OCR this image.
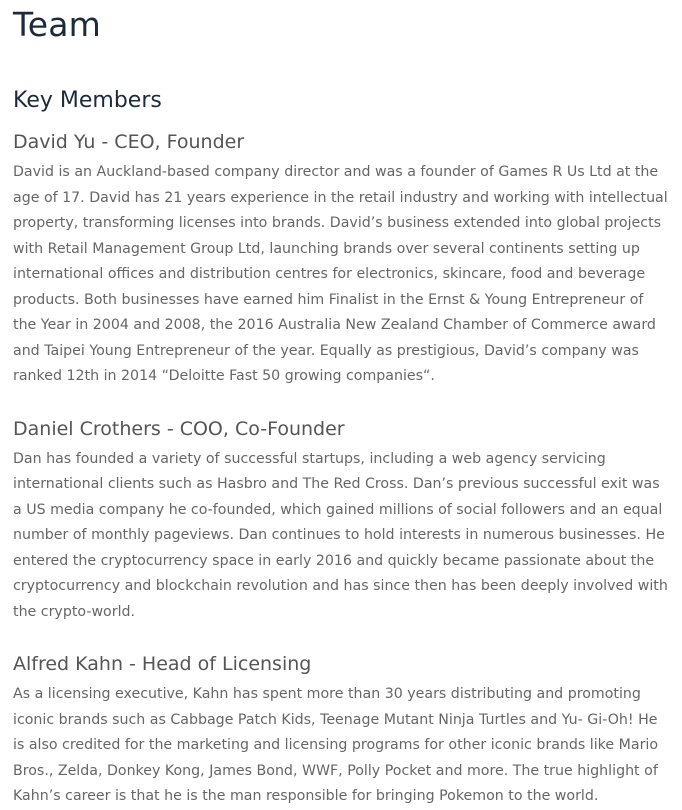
Team
Key Members
David Yu - CEO, Founder

David is an Auckland-based company director and was a founder of Games R Us Ltd at the age of 17. David has 21 years experience in the retail industry and working with intellectual property, transforming licenses into brands. David’s business extended into global projects with Retail Management Group Ltd, launching brands over several continents setting up international offices and distribution centres for electronics, skincare, food and beverage products. Both businesses have earned him Finalist in the Ernst & Young Entrepreneur of the Year in 2004 and 2008, the 2016 Australia New Zealand Chamber of Commerce award and Taipei Young Entrepreneur of the year. Equally as prestigious, David’s company was ranked 12th in 2014 “Deloitte Fast 50 growing companies“.

Daniel Crothers - COO, Co-Founder

Dan has founded a variety of successful startups, including a web agency servicing international clients such as Hasbro and The Red Cross. Dan’s previous successful exit was a US media company he co-founded, which gained millions of social followers and an equal number of monthly pageviews. Dan continues to hold interests in numerous businesses. He entered the cryptocurrency space in early 2016 and quickly became passionate about the cryptocurrency and blockchain revolution and has since then has been deeply involved with the crypto-world.

Alfred Kahn - Head of Licensing

As a licensing executive, Kahn has spent more than 30 years distributing and promoting iconic brands such as Cabbage Patch Kids, Teenage Mutant Ninja Turtles and Yu- Gi-Oh! He is also credited for the marketing and licensing programs for other iconic brands like Mario Bros., Zelda, Donkey Kong, James Bond, WWF, Polly Pocket and more. The true highlight of Kahn’s career is that he is the man responsible for bringing Pokemon to the world.
